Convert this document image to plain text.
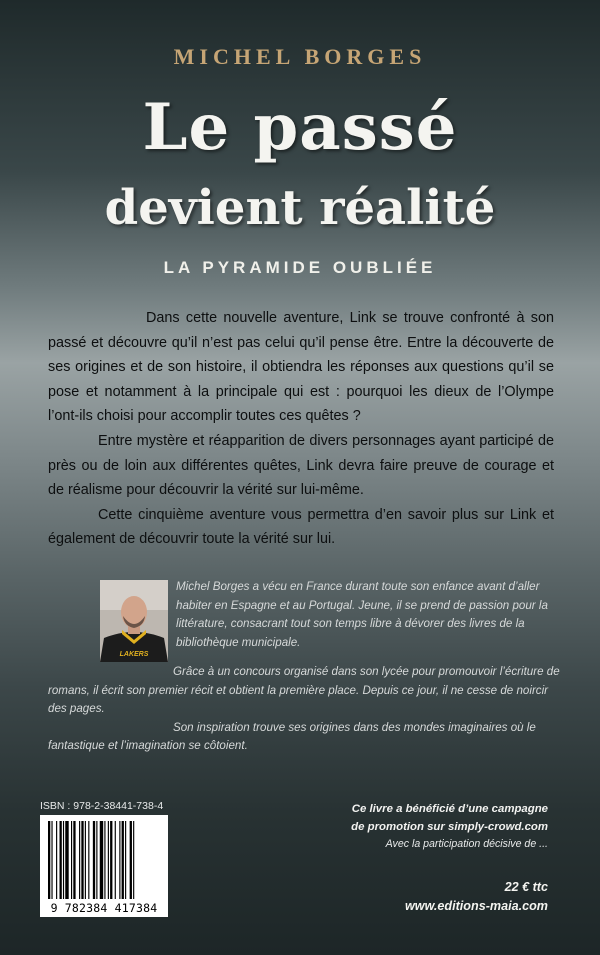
MICHEL BORGES
Le passé
devient réalité
LA PYRAMIDE OUBLIÉE

Dans cette nouvelle aventure, Link se trouve confronté à son passé et découvre qu’il n’est pas celui qu’il pense être. Entre la découverte de ses origines et de son histoire, il obtiendra les réponses aux questions qu’il se pose et notamment à la principale qui est : pourquoi les dieux de l’Olympe l’ont-ils choisi pour accomplir toutes ces quêtes ?

Entre mystère et réapparition de divers personnages ayant participé de près ou de loin aux différentes quêtes, Link devra faire preuve de courage et de réalisme pour découvrir la vérité sur lui-même.

Cette cinquième aventure vous permettra d’en savoir plus sur Link et également de découvrir toute la vérité sur lui.

LAKERS

Michel Borges a vécu en France durant toute son enfance avant d’aller habiter en Espagne et au Portugal. Jeune, il se prend de passion pour la littérature, consacrant tout son temps libre à dévorer des livres de la bibliothèque municipale.

Grâce à un concours organisé dans son lycée pour promouvoir l’écriture de romans, il écrit son premier récit et obtient la première place. Depuis ce jour, il ne cesse de noircir des pages.

Son inspiration trouve ses origines dans des mondes imaginaires où le fantastique et l’imagination se côtoient.

ISBN : 978-2-38441-738-4
9 782384 417384
Ce livre a bénéficié d’une campagne
de promotion sur simply-crowd.com
Avec la participation décisive de ...
22 € ttc
www.editions-maia.com
